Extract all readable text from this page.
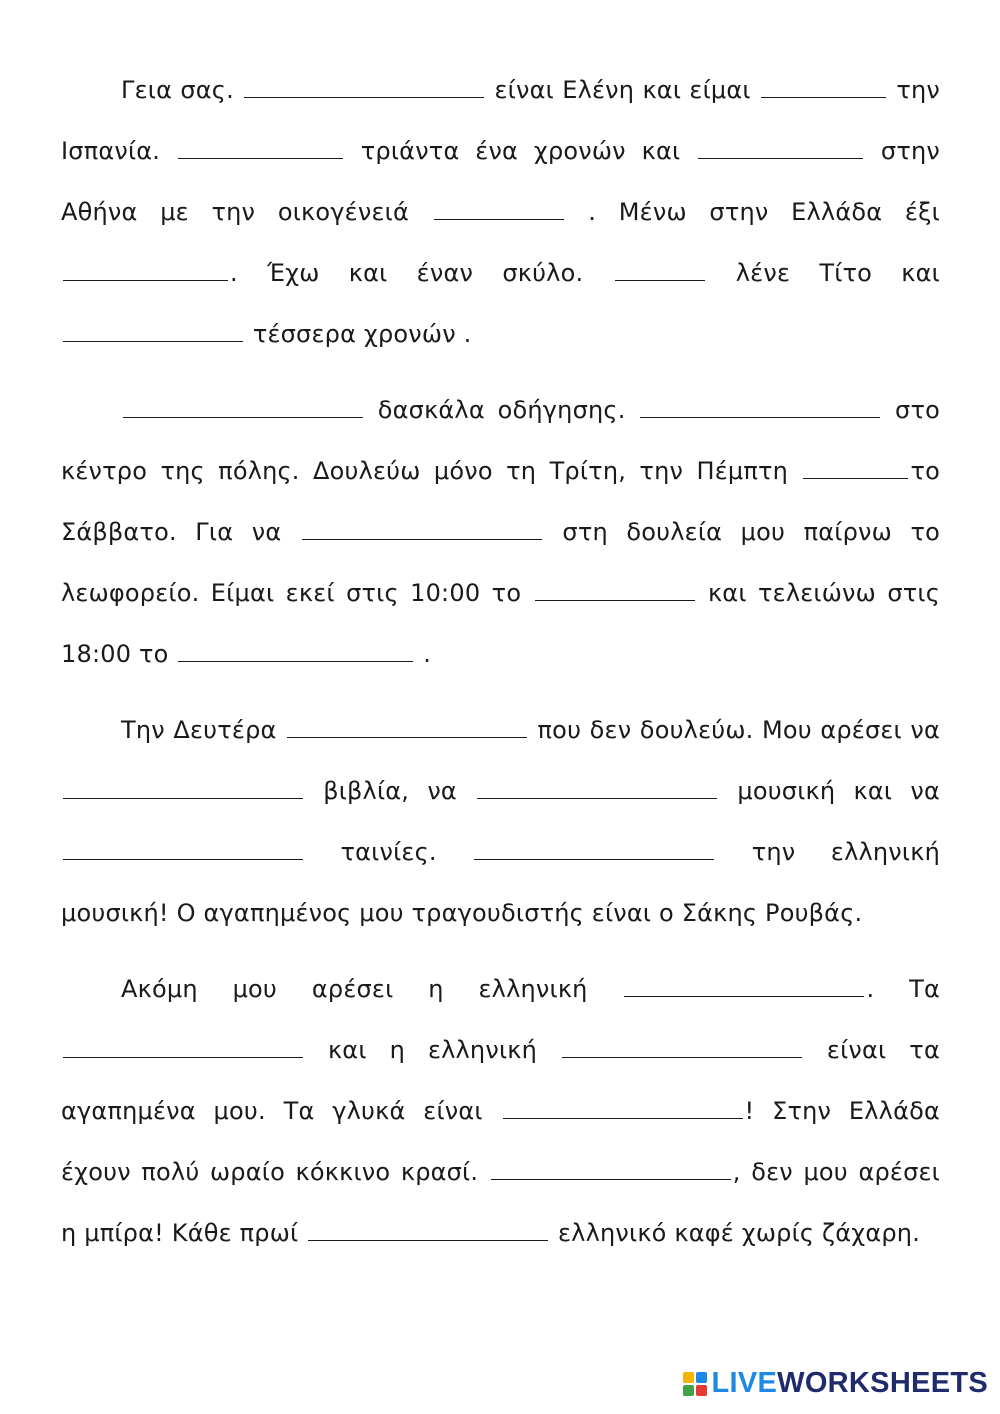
Γεια σας.	είναι Ελένη και είμαι	την Ισπανία.	τριάντα ένα χρονών και	στην Αθήνα με την οικογένειά	. Μένω στην Ελλάδα έξι . Έχω και έναν σκύλο.	λένε Τίτο και  τέσσερα χρονών .

δασκάλα οδήγησης.	στο κέντρο της πόλης. Δουλεύω μόνο τη Τρίτη, την Πέμπτη	το Σάββατο. Για να	στη δουλεία μου παίρνω το λεωφορείο. Είμαι εκεί στις 10:00 το	και τελειώνω στις 18:00 το	.

Την Δευτέρα	που δεν δουλεύω. Μου αρέσει να  βιβλία, να	μουσική και να  ταινίες.	την ελληνική μουσική! Ο αγαπημένος μου τραγουδιστής είναι ο Σάκης Ρουβάς.

Ακόμη μου αρέσει η ελληνική	. Τα  και η ελληνική	είναι τα αγαπημένα μου. Τα γλυκά είναι	! Στην Ελλάδα έχουν πολύ ωραίο κόκκινο κρασί.	, δεν μου αρέσει η μπίρα! Κάθε πρωί	ελληνικό καφέ χωρίς ζάχαρη.

LIVEWORKSHEETS
